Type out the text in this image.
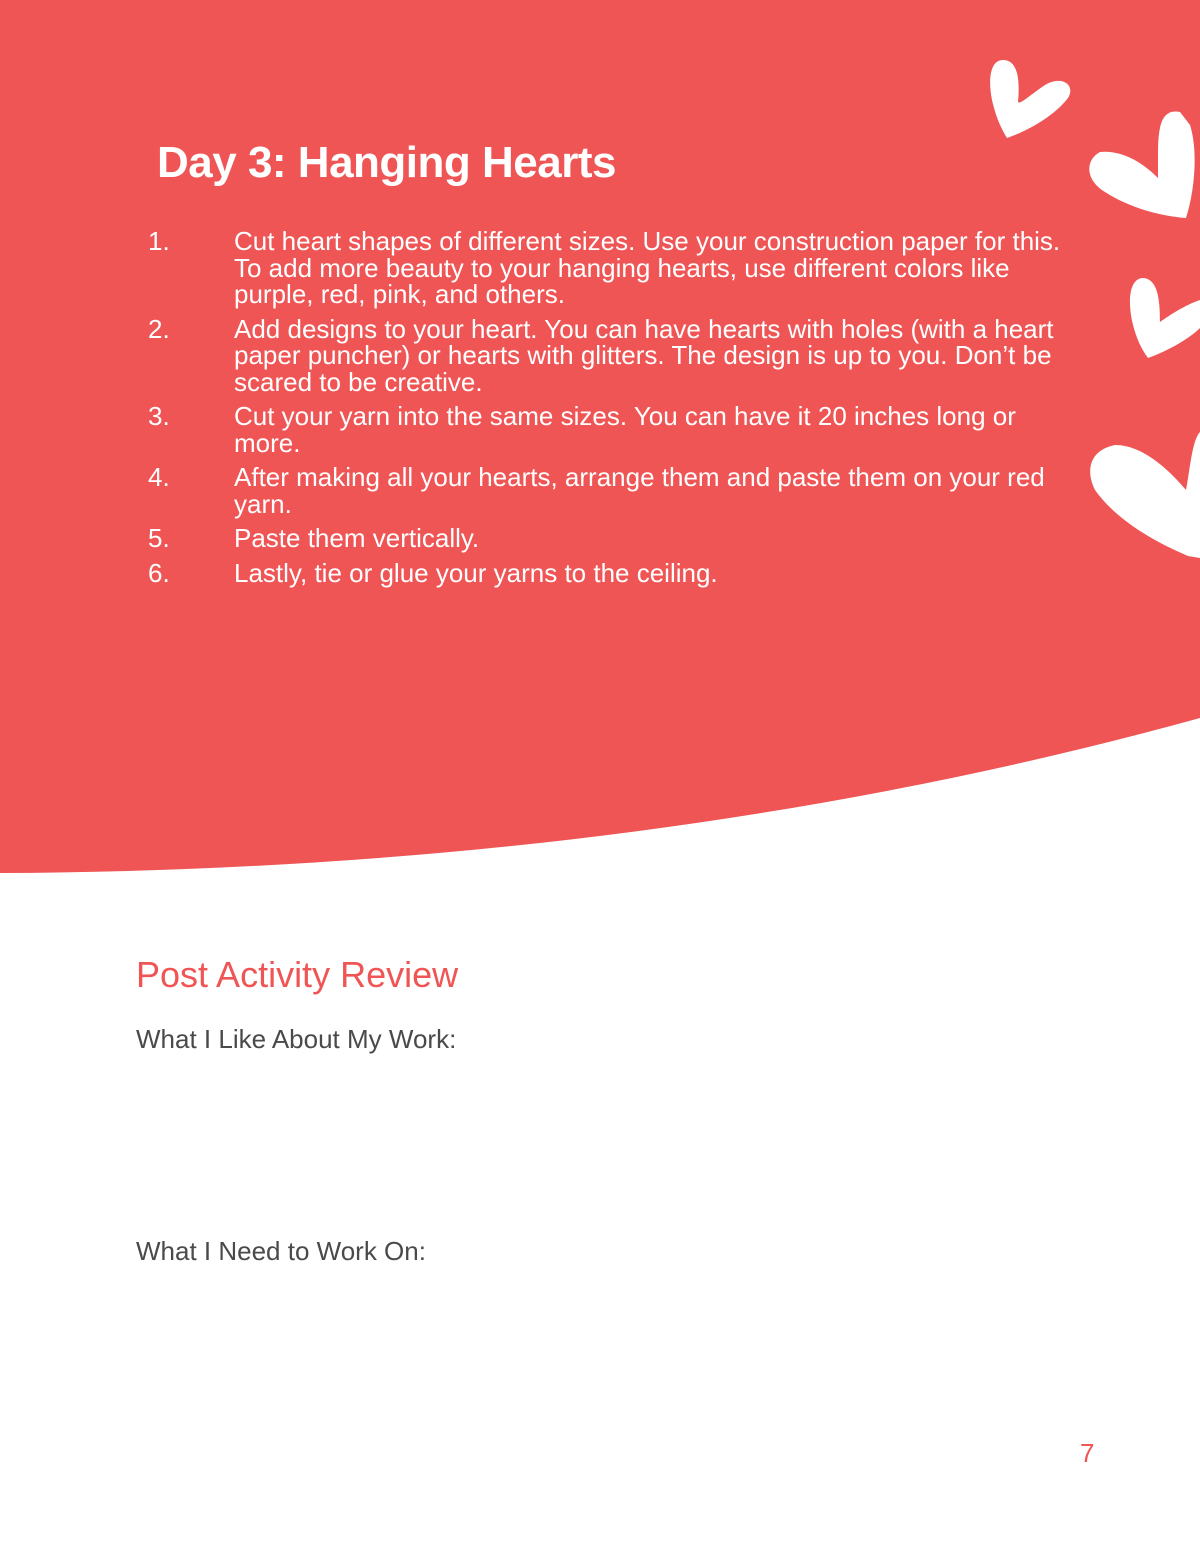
Day 3: Hanging Hearts
1.	Cut heart shapes of different sizes. Use your construction paper for this. To add more beauty to your hanging hearts, use different colors like purple, red, pink, and others.
2.	Add designs to your heart. You can have hearts with holes (with a heart paper puncher) or hearts with glitters. The design is up to you. Don’t be scared to be creative.
3.	Cut your yarn into the same sizes. You can have it 20 inches long or more.
4.	After making all your hearts, arrange them and paste them on your red yarn.
5.	Paste them vertically.
6.	Lastly, tie or glue your yarns to the ceiling.
Post Activity Review
What I Like About My Work:
What I Need to Work On:
7
